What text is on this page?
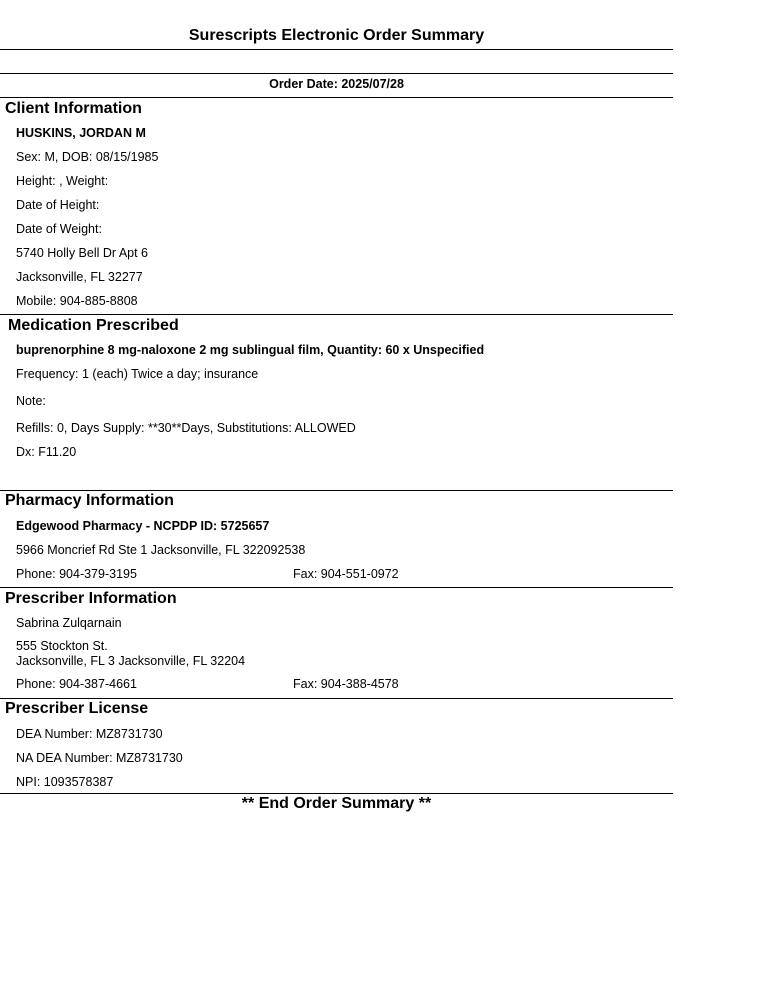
Surescripts Electronic Order Summary
Order Date: 2025/07/28
Client Information
HUSKINS, JORDAN M
Sex: M, DOB: 08/15/1985
Height: , Weight:
Date of Height:
Date of Weight:
5740 Holly Bell Dr Apt 6
Jacksonville, FL 32277
Mobile: 904-885-8808
Medication Prescribed
buprenorphine 8 mg-naloxone 2 mg sublingual film, Quantity: 60 x Unspecified
Frequency: 1 (each) Twice a day; insurance
Note:
Refills: 0, Days Supply: **30**Days, Substitutions: ALLOWED
Dx: F11.20
Pharmacy Information
Edgewood Pharmacy - NCPDP ID: 5725657
5966 Moncrief Rd Ste 1 Jacksonville, FL 322092538
Phone: 904-379-3195	Fax: 904-551-0972
Prescriber Information
Sabrina Zulqarnain
555 Stockton St.
Jacksonville, FL 3 Jacksonville, FL 32204
Phone: 904-387-4661	Fax: 904-388-4578
Prescriber License
DEA Number: MZ8731730
NA DEA Number: MZ8731730
NPI: 1093578387
** End Order Summary **
